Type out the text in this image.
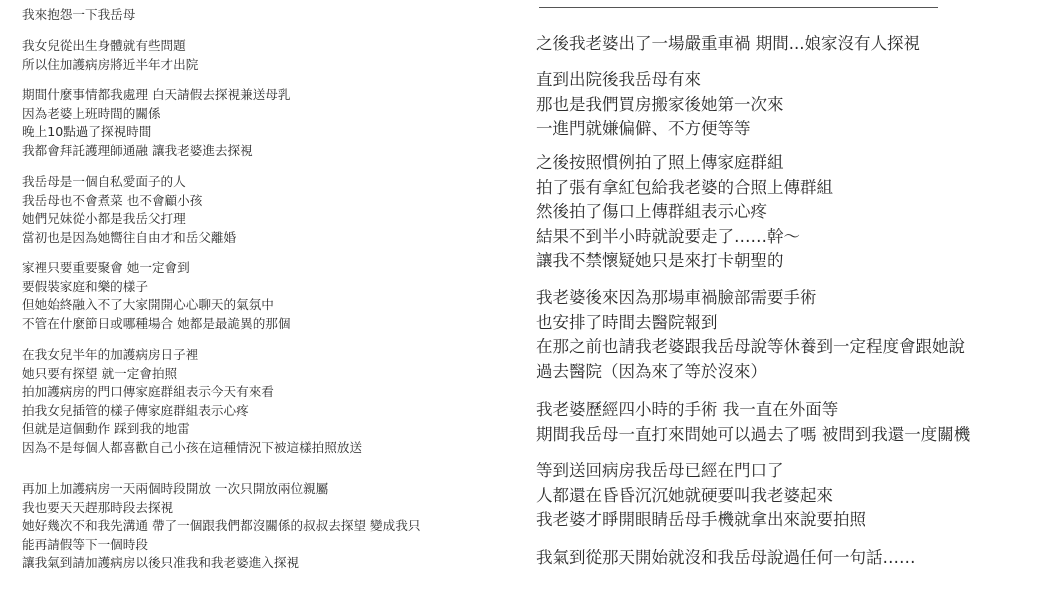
我來抱怨一下我岳母
我女兒從出生身體就有些問題
所以住加護病房將近半年才出院
期間什麼事情都我處理 白天請假去探視兼送母乳
因為老婆上班時間的關係
晚上10點過了探視時間
我都會拜託護理師通融 讓我老婆進去探視
我岳母是一個自私愛面子的人
我岳母也不會煮菜 也不會顧小孩
她們兄妹從小都是我岳父打理
當初也是因為她嚮往自由才和岳父離婚
家裡只要重要聚會 她一定會到
要假裝家庭和樂的樣子
但她始終融入不了大家開開心心聊天的氣氛中
不管在什麼節日或哪種場合 她都是最詭異的那個
在我女兒半年的加護病房日子裡
她只要有探望 就一定會拍照
拍加護病房的門口傳家庭群組表示今天有來看
拍我女兒插管的樣子傳家庭群組表示心疼
但就是這個動作 踩到我的地雷
因為不是每個人都喜歡自己小孩在這種情況下被這樣拍照放送
再加上加護病房一天兩個時段開放 一次只開放兩位親屬
我也要天天趕那時段去探視
她好幾次不和我先溝通 帶了一個跟我們都沒關係的叔叔去探望 變成我只
能再請假等下一個時段
讓我氣到請加護病房以後只准我和我老婆進入探視
之後我老婆出了一場嚴重車禍 期間...娘家沒有人探視
直到出院後我岳母有來
那也是我們買房搬家後她第一次來
一進門就嫌偏僻、不方便等等
之後按照慣例拍了照上傳家庭群組
拍了張有拿紅包給我老婆的合照上傳群組
然後拍了傷口上傳群組表示心疼
結果不到半小時就說要走了……幹～
讓我不禁懷疑她只是來打卡朝聖的
我老婆後來因為那場車禍臉部需要手術
也安排了時間去醫院報到
在那之前也請我老婆跟我岳母說等休養到一定程度會跟她說
過去醫院（因為來了等於沒來）
我老婆歷經四小時的手術 我一直在外面等
期間我岳母一直打來問她可以過去了嗎 被問到我還一度關機
等到送回病房我岳母已經在門口了
人都還在昏昏沉沉她就硬要叫我老婆起來
我老婆才睜開眼睛岳母手機就拿出來說要拍照
我氣到從那天開始就沒和我岳母說過任何一句話……
